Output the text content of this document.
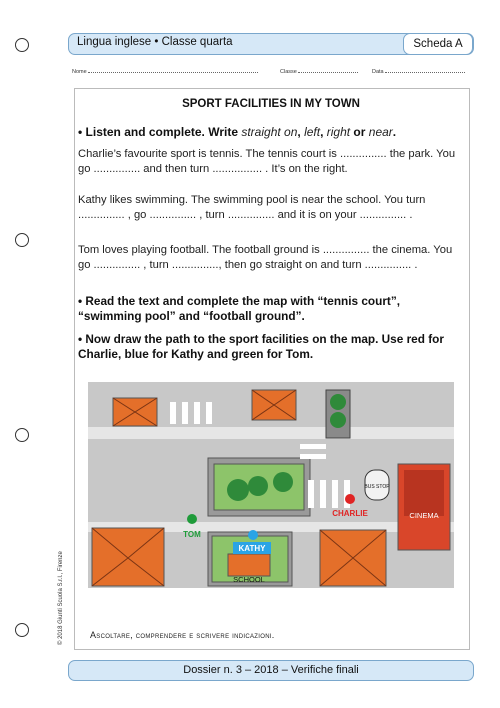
Lingua inglese • Classe quarta	Scheda A
Nome	Classe	Data
SPORT FACILITIES IN MY TOWN
• Listen and complete. Write straight on, left, right or near.
Charlie’s favourite sport is tennis. The tennis court is ............... the park. You go ............... and then turn ................ . It’s on the right.
Kathy likes swimming. The swimming pool is near the school. You turn ............... , go ............... , turn ............... and it is on your ............... .
Tom loves playing football. The football ground is ............... the cinema. You go ............... , turn ..............., then go straight on and turn ............... .
• Read the text and complete the map with “tennis court”, “swimming pool” and “football ground”.
• Now draw the path to the sport facilities on the map. Use red for Charlie, blue for Kathy and green for Tom.
BUS STOP
CINEMA
CHARLIE
TOM
SCHOOL
KATHY
© 2018 Giunti Scuola S.r.l., Firenze	Ascoltare, comprendere e scrivere indicazioni.
Dossier n. 3 – 2018 – Verifiche finali
